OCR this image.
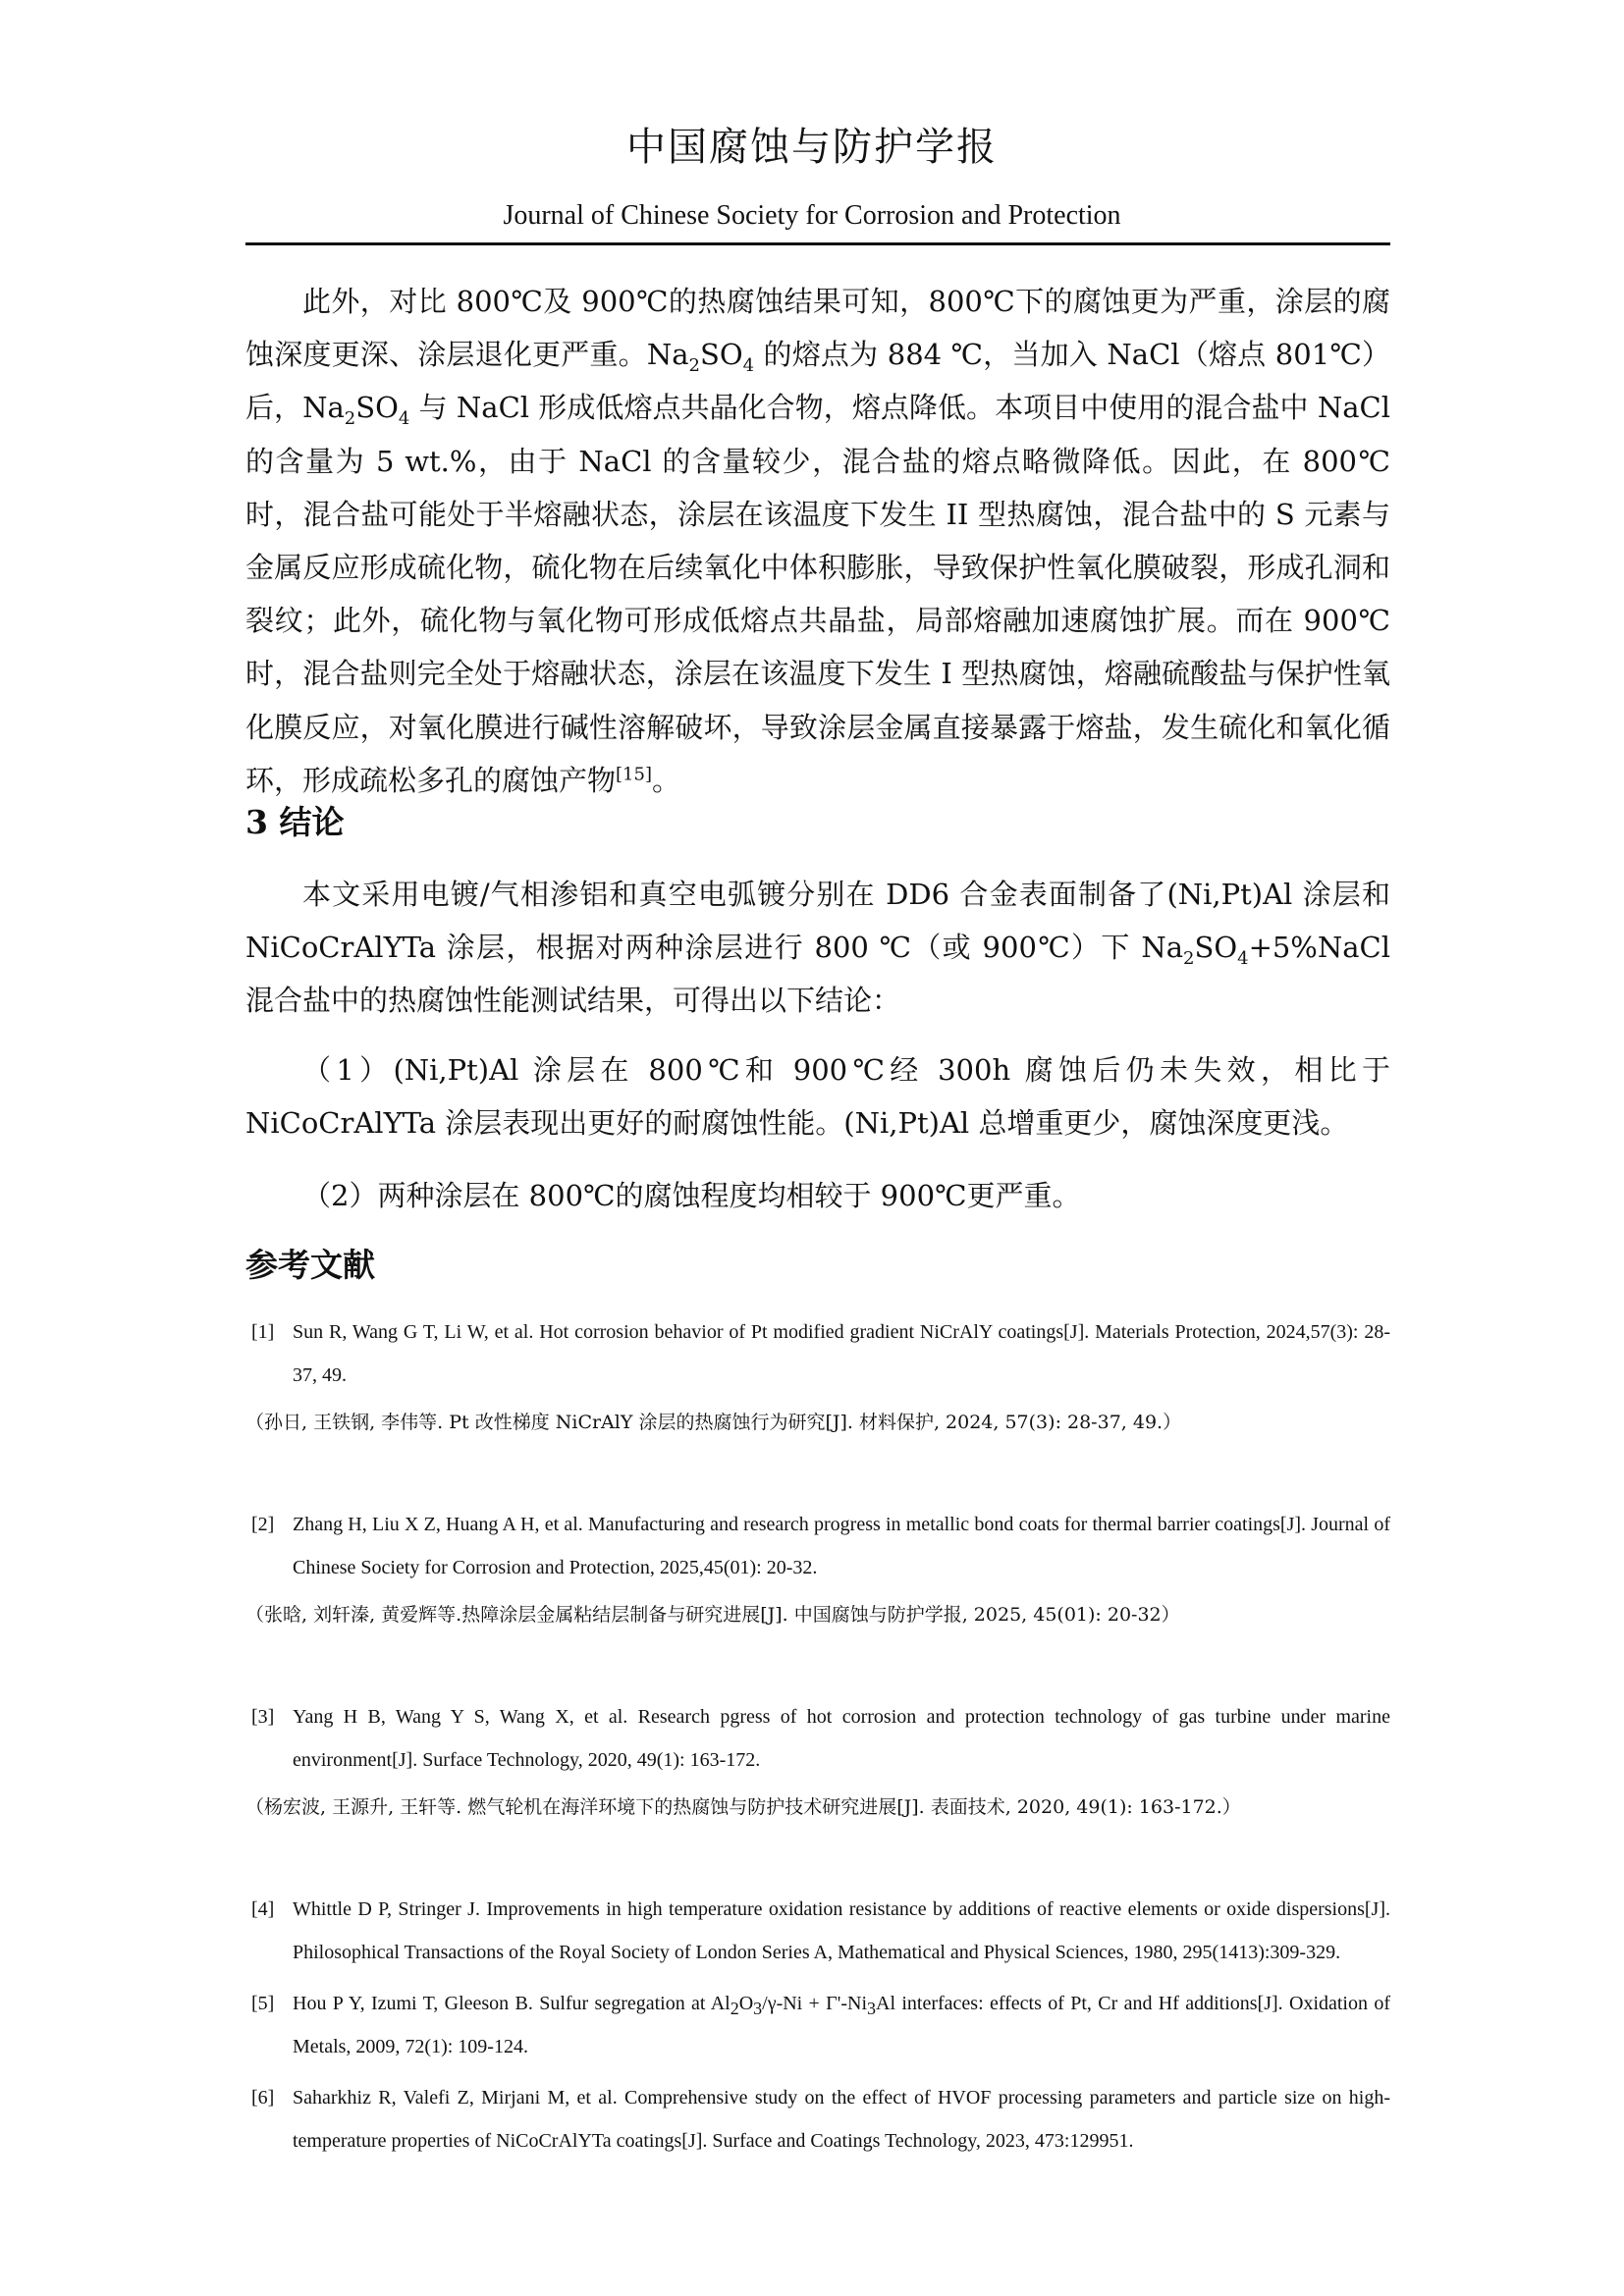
中国腐蚀与防护学报
Journal of Chinese Society for Corrosion and Protection

此外，对比 800℃及 900℃的热腐蚀结果可知，800℃下的腐蚀更为严重，涂层的腐蚀深度更深、涂层退化更严重。$Na_2SO_4$ 的熔点为 884 ℃，当加入 NaCl（熔点 801℃）后，$Na_2SO_4$ 与 NaCl 形成低熔点共晶化合物，熔点降低。本项目中使用的混合盐中 NaCl 的含量为 5 wt.%，由于 NaCl 的含量较少，混合盐的熔点略微降低。因此，在 800℃时，混合盐可能处于半熔融状态，涂层在该温度下发生 II 型热腐蚀，混合盐中的 S 元素与金属反应形成硫化物，硫化物在后续氧化中体积膨胀，导致保护性氧化膜破裂，形成孔洞和裂纹；此外，硫化物与氧化物可形成低熔点共晶盐，局部熔融加速腐蚀扩展。而在 900℃时，混合盐则完全处于熔融状态，涂层在该温度下发生 I 型热腐蚀，熔融硫酸盐与保护性氧化膜反应，对氧化膜进行碱性溶解破坏，导致涂层金属直接暴露于熔盐，发生硫化和氧化循环，形成疏松多孔的腐蚀产物[15]。

3 结论

本文采用电镀/气相渗铝和真空电弧镀分别在 DD6 合金表面制备了(Ni,Pt)Al 涂层和 NiCoCrAlYTa 涂层，根据对两种涂层进行 800 ℃（或 900℃）下 $Na_2SO_4+5\%NaCl$ 混合盐中的热腐蚀性能测试结果，可得出以下结论：

（1）(Ni,Pt)Al 涂层在 800℃和 900℃经 300h 腐蚀后仍未失效，相比于 NiCoCrAlYTa 涂层表现出更好的耐腐蚀性能。(Ni,Pt)Al 总增重更少，腐蚀深度更浅。

（2）两种涂层在 800℃的腐蚀程度均相较于 900℃更严重。

参考文献
[1] Sun R, Wang G T, Li W, et al. Hot corrosion behavior of Pt modified gradient NiCrAlY coatings[J]. Materials Protection, 2024,57(3): 28-37, 49.
（孙日, 王铁钢, 李伟等. Pt 改性梯度 NiCrAlY 涂层的热腐蚀行为研究[J]. 材料保护, 2024, 57(3): 28-37, 49.）
[2] Zhang H, Liu X Z, Huang A H, et al. Manufacturing and research progress in metallic bond coats for thermal barrier coatings[J]. Journal of Chinese Society for Corrosion and Protection, 2025,45(01): 20-32.
（张晗, 刘轩溱, 黄爱辉等.热障涂层金属粘结层制备与研究进展[J]. 中国腐蚀与防护学报, 2025, 45(01): 20-32）
[3] Yang H B, Wang Y S, Wang X, et al. Research pgress of hot corrosion and protection technology of gas turbine under marine environment[J]. Surface Technology, 2020, 49(1): 163-172.
（杨宏波, 王源升, 王轩等. 燃气轮机在海洋环境下的热腐蚀与防护技术研究进展[J]. 表面技术, 2020, 49(1): 163-172.）
[4] Whittle D P, Stringer J. Improvements in high temperature oxidation resistance by additions of reactive elements or oxide dispersions[J]. Philosophical Transactions of the Royal Society of London Series A, Mathematical and Physical Sciences, 1980, 295(1413):309-329.
[5] Hou P Y, Izumi T, Gleeson B. Sulfur segregation at $Al_2O_3/\gamma-Ni + \Gamma'-Ni_3Al$ interfaces: effects of Pt, Cr and Hf additions[J]. Oxidation of Metals, 2009, 72(1): 109-124.
[6] Saharkhiz R, Valefi Z, Mirjani M, et al. Comprehensive study on the effect of HVOF processing parameters and particle size on high-temperature properties of NiCoCrAlYTa coatings[J]. Surface and Coatings Technology, 2023, 473:129951.
